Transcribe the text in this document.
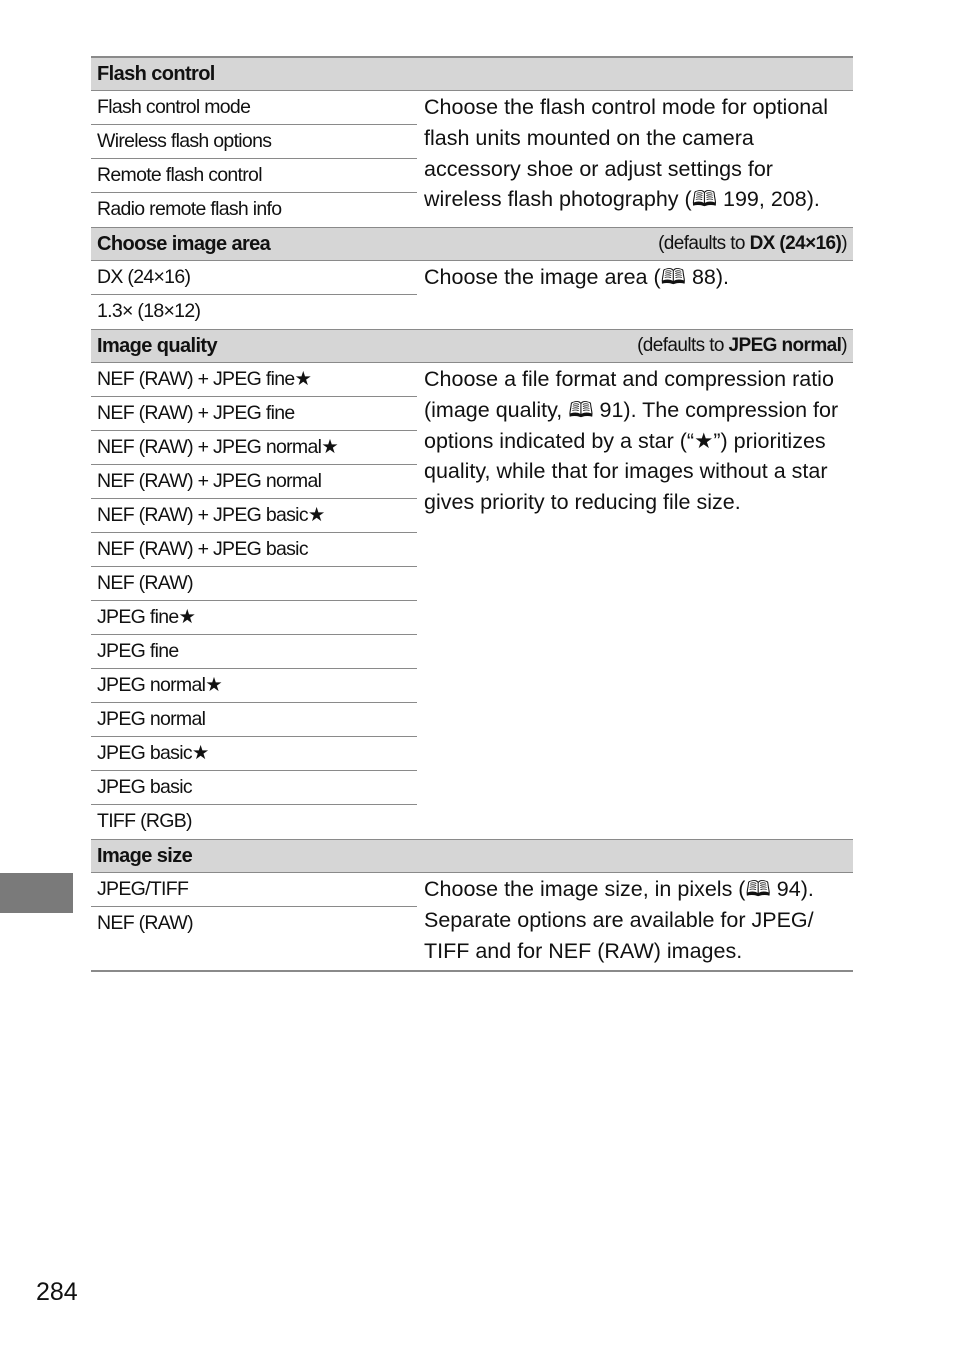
Flash control
Flash control mode
Wireless flash options
Remote flash control
Radio remote flash info
Choose the flash control mode for optional flash units mounted on the camera accessory shoe or adjust settings for wireless flash photography (🕮 199, 208).
Choose image area	(defaults to DX (24×16))
DX (24×16)
1.3× (18×12)
Choose the image area (🕮 88).
Image quality	(defaults to JPEG normal)
NEF (RAW) + JPEG fine★
NEF (RAW) + JPEG fine
NEF (RAW) + JPEG normal★
NEF (RAW) + JPEG normal
NEF (RAW) + JPEG basic★
NEF (RAW) + JPEG basic
NEF (RAW)
JPEG fine★
JPEG fine
JPEG normal★
JPEG normal
JPEG basic★
JPEG basic
TIFF (RGB)
Choose a file format and compression ratio (image quality, 🕮 91). The compression for options indicated by a star (“★”) prioritizes quality, while that for images without a star gives priority to reducing file size.
Image size
JPEG/TIFF
NEF (RAW)
Choose the image size, in pixels (🕮 94). Separate options are available for JPEG/ TIFF and for NEF (RAW) images.
284
